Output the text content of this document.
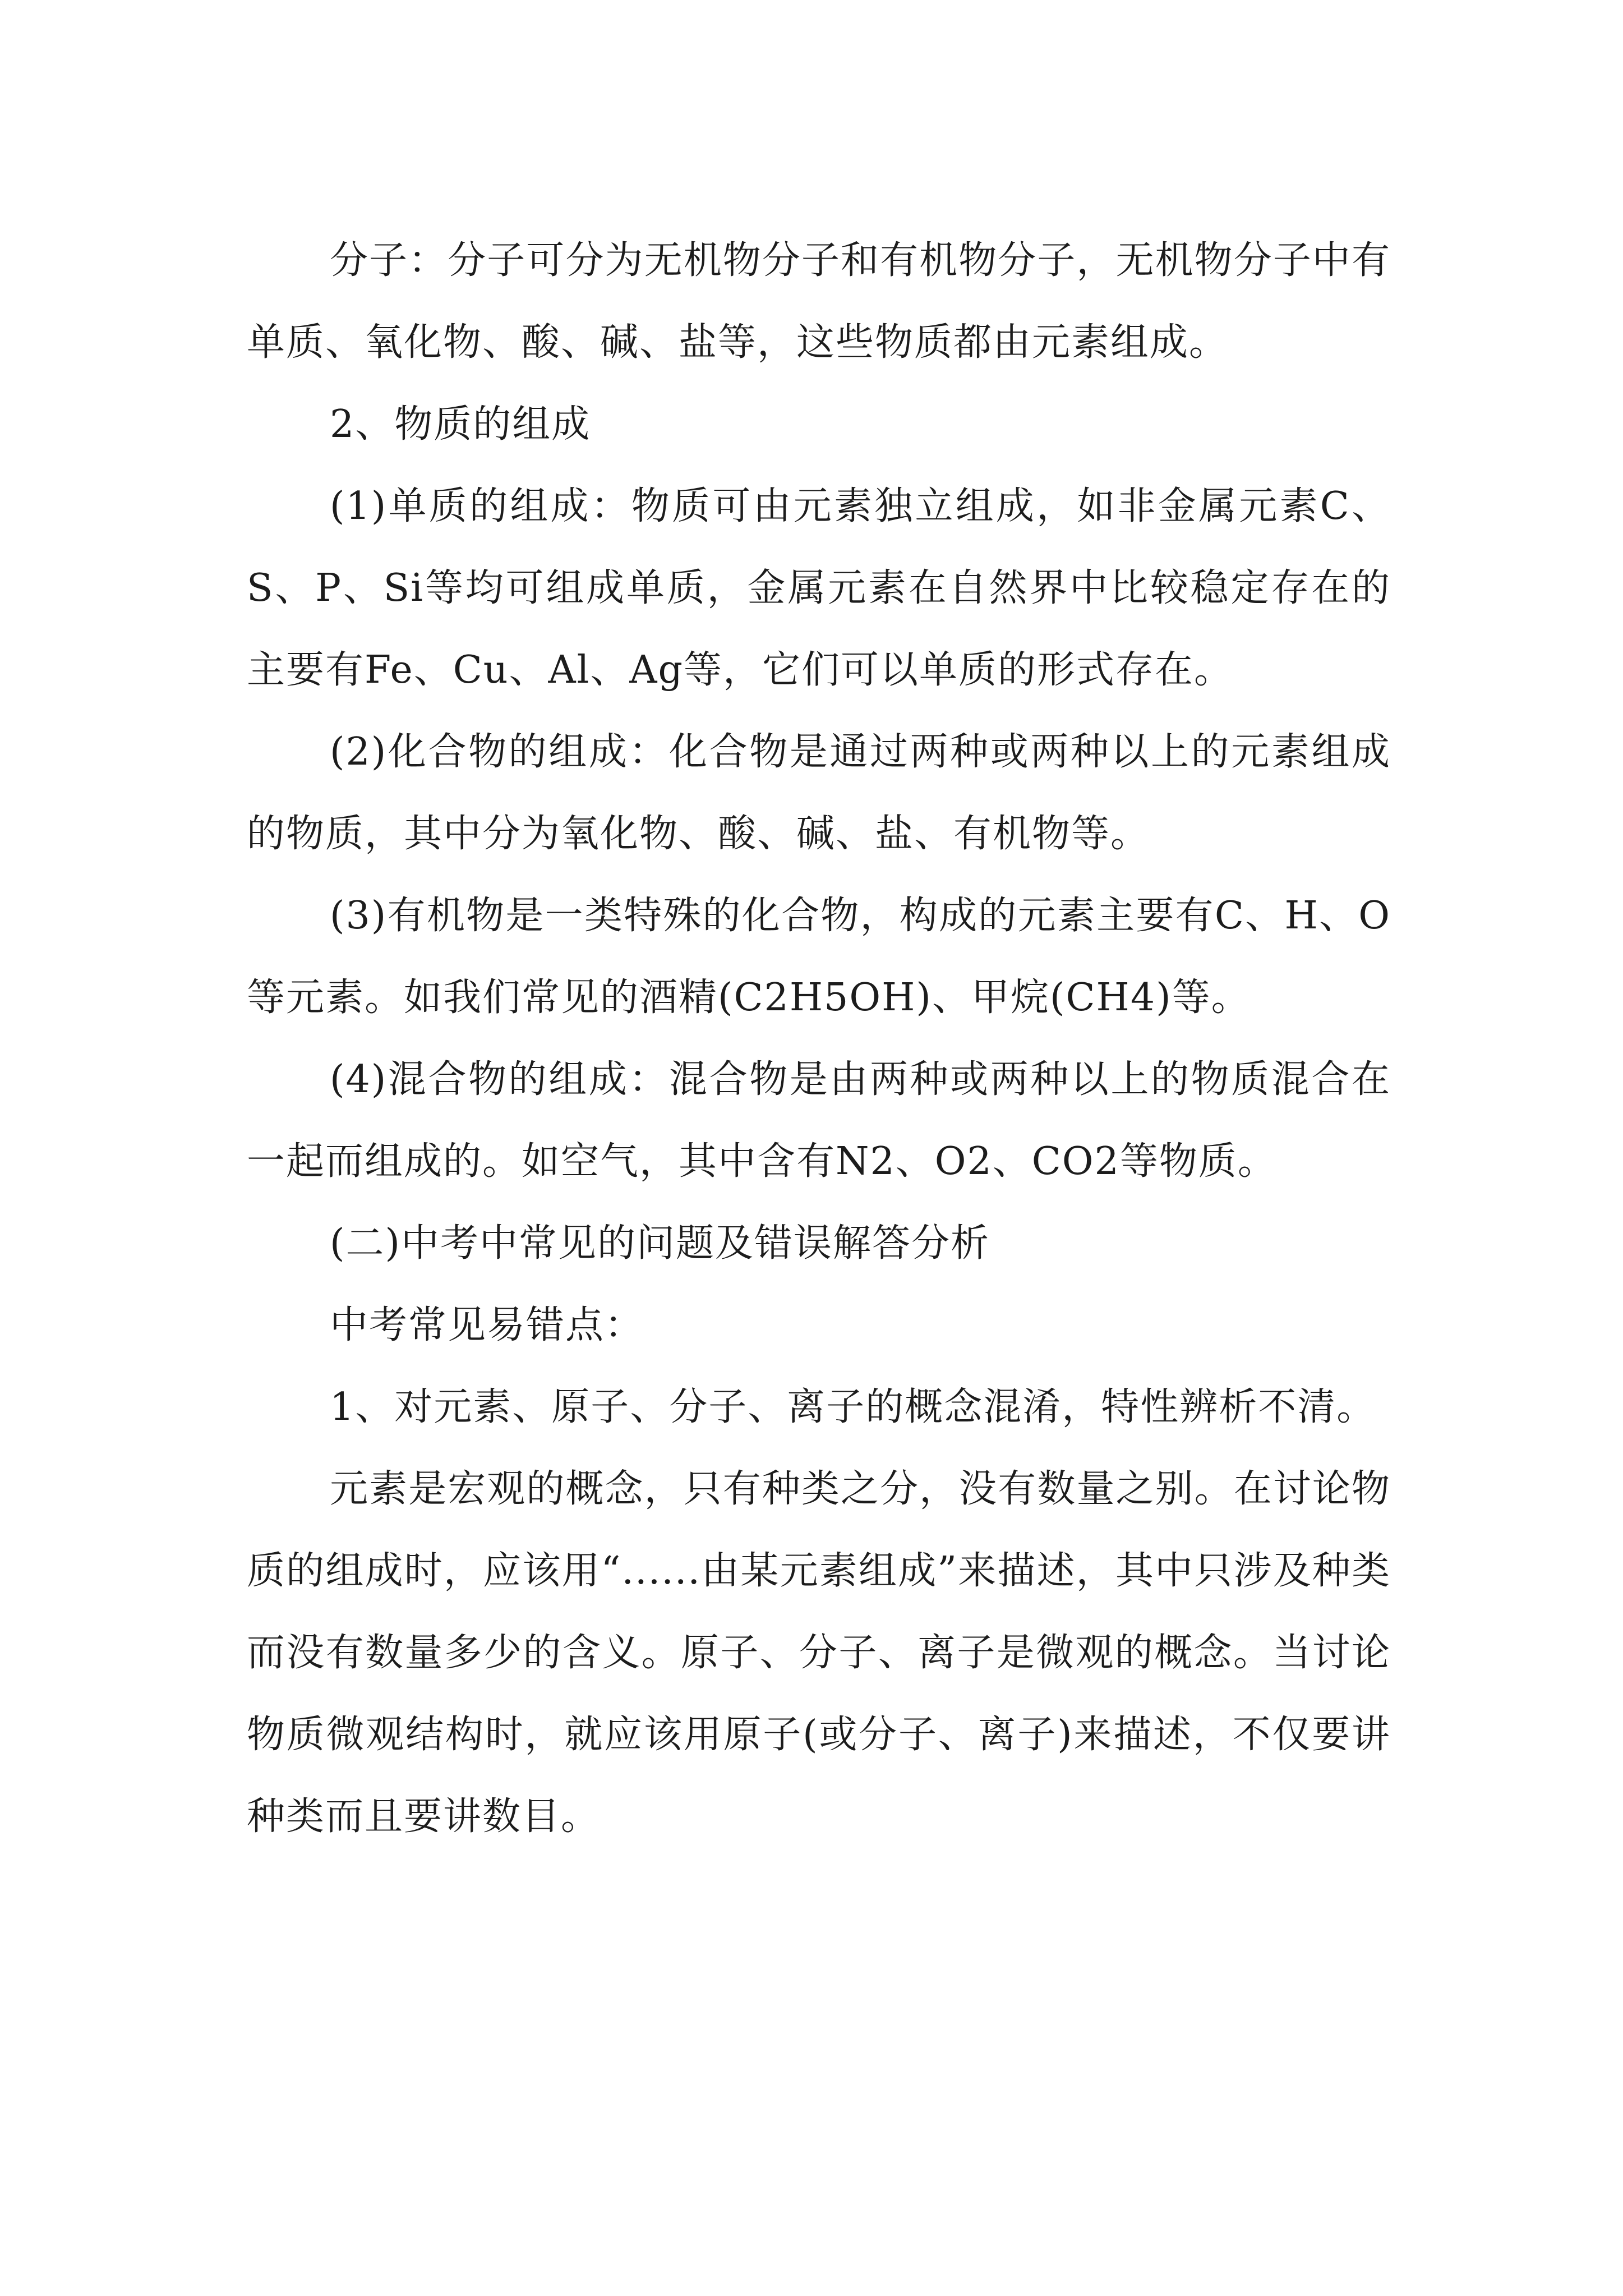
分子：分子可分为无机物分子和有机物分子，无机物分子中有单质、氧化物、酸、碱、盐等，这些物质都由元素组成。

2、物质的组成

(1)单质的组成：物质可由元素独立组成，如非金属元素C、S、P、Si等均可组成单质，金属元素在自然界中比较稳定存在的主要有Fe、Cu、Al、Ag等，它们可以单质的形式存在。

(2)化合物的组成：化合物是通过两种或两种以上的元素组成的物质，其中分为氧化物、酸、碱、盐、有机物等。

(3)有机物是一类特殊的化合物，构成的元素主要有C、H、O等元素。如我们常见的酒精(C2H5OH)、甲烷(CH4)等。

(4)混合物的组成：混合物是由两种或两种以上的物质混合在一起而组成的。如空气，其中含有N2、O2、CO2等物质。

(二)中考中常见的问题及错误解答分析

中考常见易错点：

1、对元素、原子、分子、离子的概念混淆，特性辨析不清。

元素是宏观的概念，只有种类之分，没有数量之别。在讨论物质的组成时，应该用“......由某元素组成”来描述，其中只涉及种类而没有数量多少的含义。原子、分子、离子是微观的概念。当讨论物质微观结构时，就应该用原子(或分子、离子)来描述，不仅要讲种类而且要讲数目。
